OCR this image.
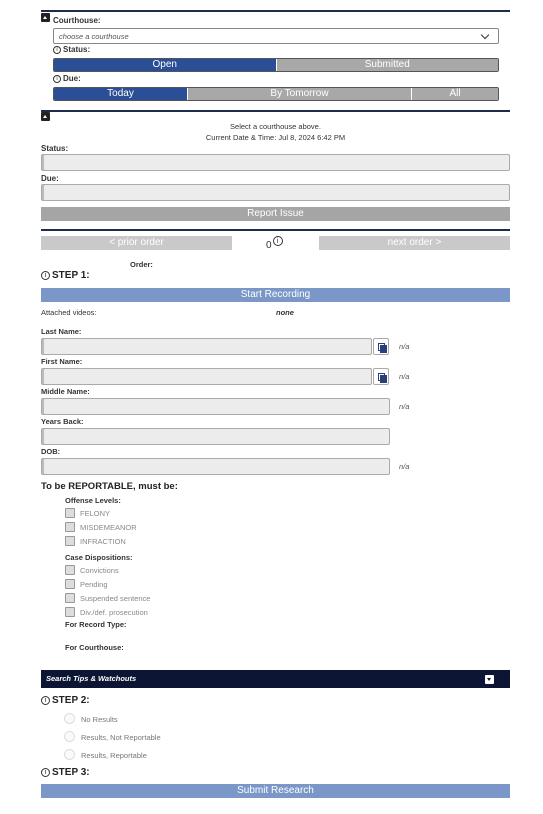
Courthouse:
choose a courthouse
i Status:
Open	Submitted
i Due:
Today	By Tomorrow	All
Select a courthouse above.
Current Date & Time: Jul 8, 2024 6:42 PM
Status:
Due:
Report Issue
< prior order	0 i	next order >
Order:
i STEP 1:
Start Recording
Attached videos:	none
Last Name:
n/a
First Name:
n/a
Middle Name:
n/a
Years Back:
DOB:
n/a
To be REPORTABLE, must be:
Offense Levels:
FELONY
MISDEMEANOR
INFRACTION
Case Dispositions:
Convictions
Pending
Suspended sentence
Div./def. prosecution
For Record Type:
For Courthouse:
Search Tips & Watchouts
i STEP 2:
No Results
Results, Not Reportable
Results, Reportable
i STEP 3:
Submit Research
